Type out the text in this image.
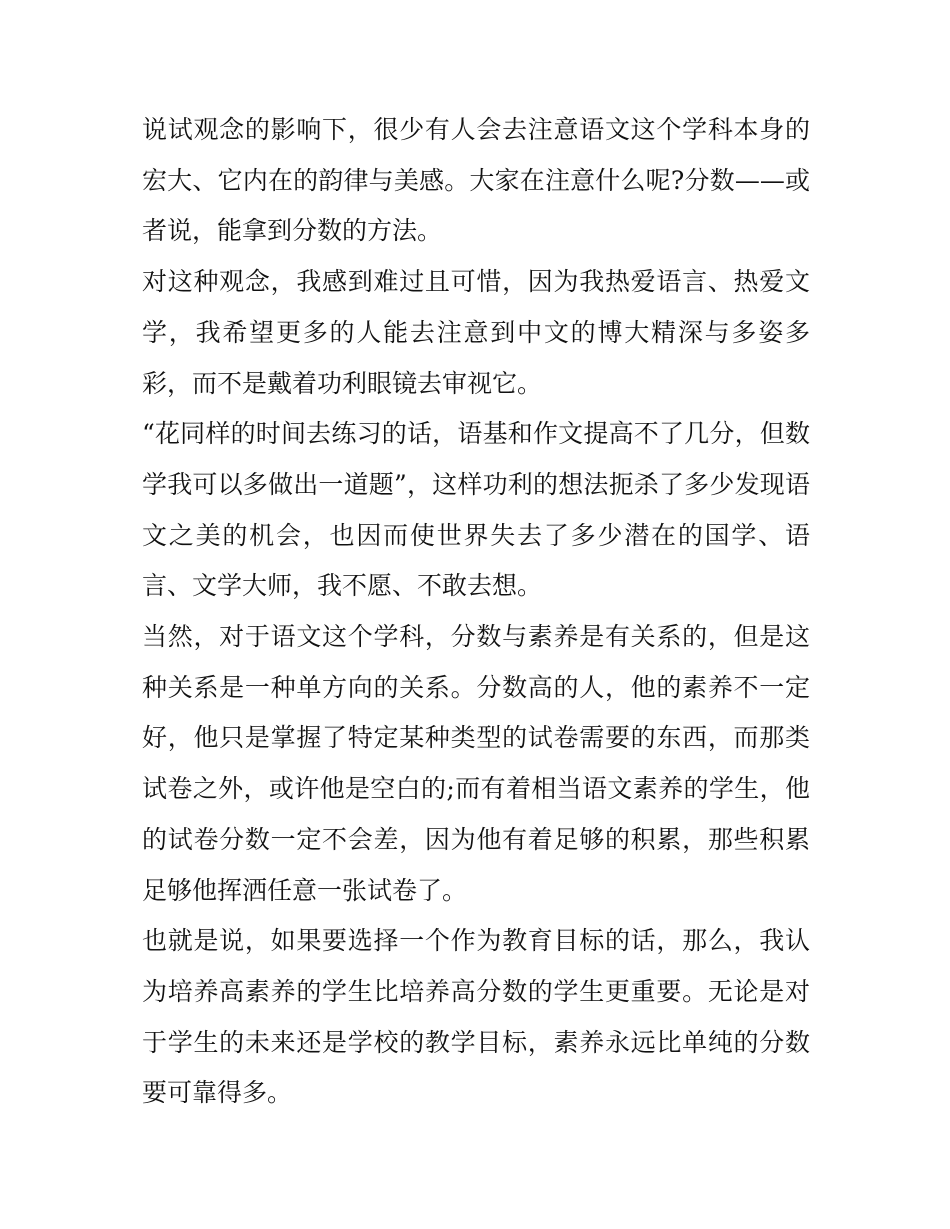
说试观念的影响下，很少有人会去注意语文这个学科本身的宏大、它内在的韵律与美感。大家在注意什么呢?分数——或者说，能拿到分数的方法。

对这种观念，我感到难过且可惜，因为我热爱语言、热爱文学，我希望更多的人能去注意到中文的博大精深与多姿多彩，而不是戴着功利眼镜去审视它。

“花同样的时间去练习的话，语基和作文提高不了几分，但数学我可以多做出一道题”，这样功利的想法扼杀了多少发现语文之美的机会，也因而使世界失去了多少潜在的国学、语言、文学大师，我不愿、不敢去想。

当然，对于语文这个学科，分数与素养是有关系的，但是这种关系是一种单方向的关系。分数高的人，他的素养不一定好，他只是掌握了特定某种类型的试卷需要的东西，而那类试卷之外，或许他是空白的;而有着相当语文素养的学生，他的试卷分数一定不会差，因为他有着足够的积累，那些积累足够他挥洒任意一张试卷了。

也就是说，如果要选择一个作为教育目标的话，那么，我认为培养高素养的学生比培养高分数的学生更重要。无论是对于学生的未来还是学校的教学目标，素养永远比单纯的分数要可靠得多。
